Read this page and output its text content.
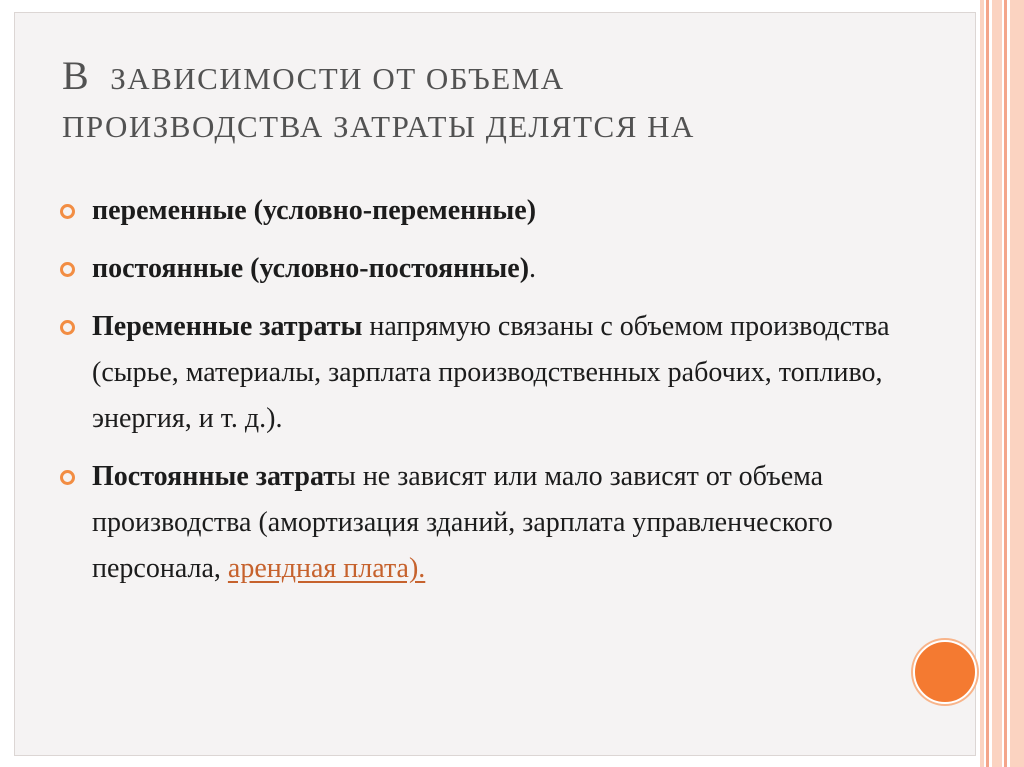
В ЗАВИСИМОСТИ ОТ ОБЪЕМА
ПРОИЗВОДСТВА ЗАТРАТЫ ДЕЛЯТСЯ НА
переменные (условно-переменные)
постоянные (условно-постоянные).
Переменные затраты напрямую связаны с объемом производства (сырье, материалы, зарплата производственных рабочих, топливо, энергия, и т. д.).
Постоянные затраты не зависят или мало зависят от объема производства (амортизация зданий, зарплата управленческого персонала, арендная плата).
